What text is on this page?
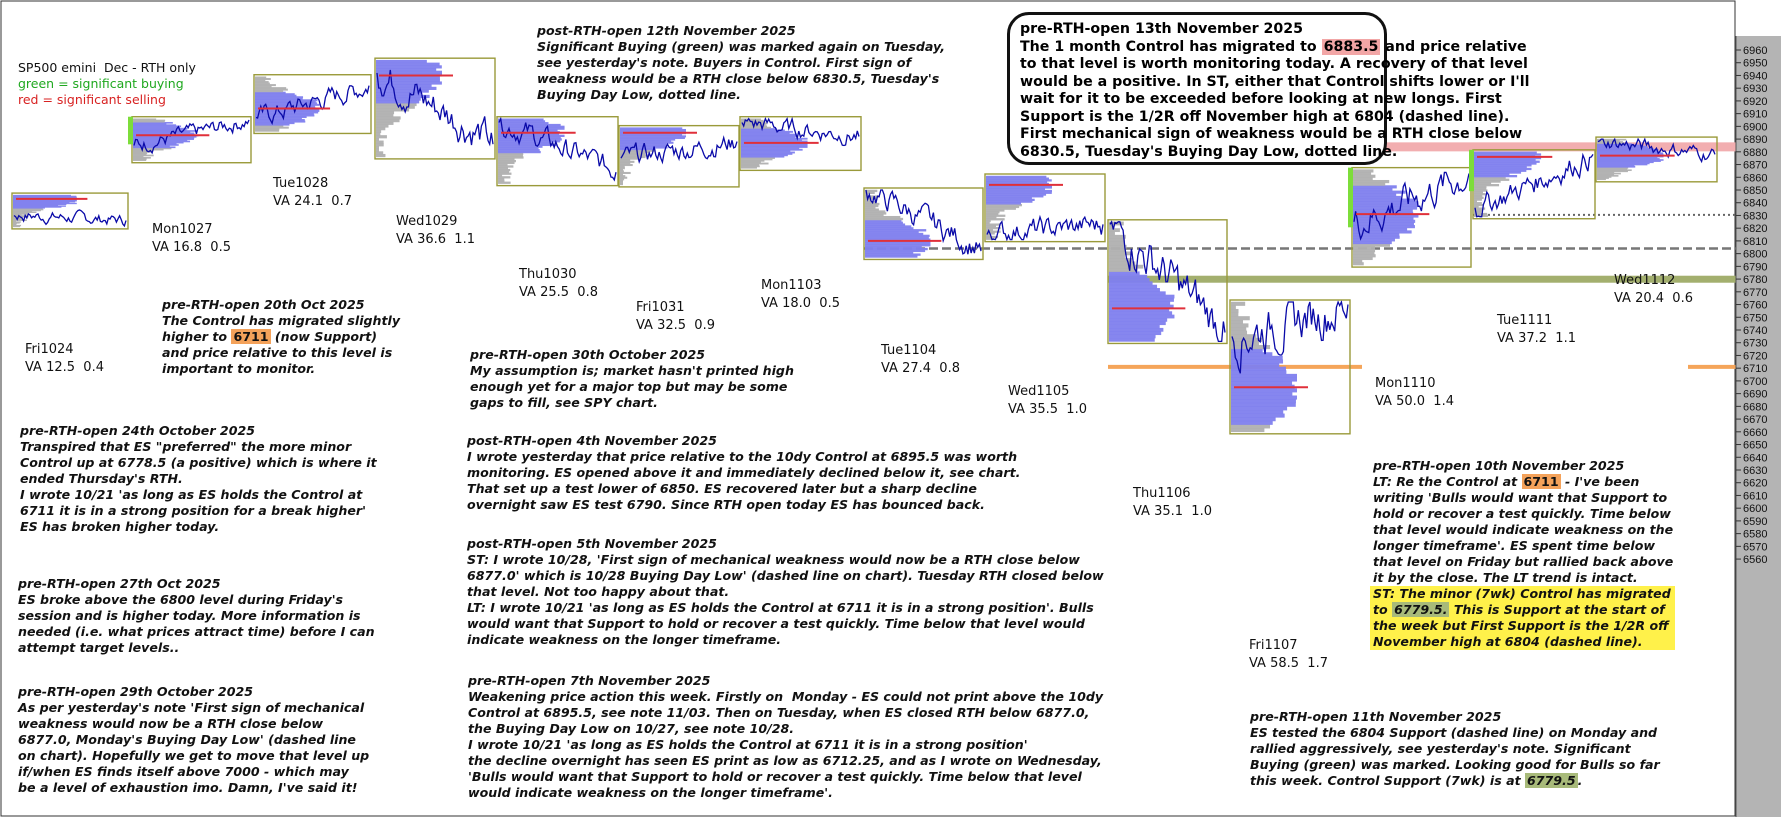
6960
6950
6940
6930
6920
6910
6900
6890
6880
6870
6860
6850
6840
6830
6820
6810
6800
6790
6780
6770
6760
6750
6740
6730
6720
6710
6700
6690
6680
6670
6660
6650
6640
6630
6620
6610
6600
6590
6580
6570
6560
SP500 emini  Dec - RTH only
green = significant buying
red = significant selling
Fri1024
VA 12.5  0.4
Mon1027
VA 16.8  0.5
Tue1028
VA 24.1  0.7
Wed1029
VA 36.6  1.1
Thu1030
VA 25.5  0.8
Fri1031
VA 32.5  0.9
Mon1103
VA 18.0  0.5
Tue1104
VA 27.4  0.8
Wed1105
VA 35.5  1.0
Thu1106
VA 35.1  1.0
Fri1107
VA 58.5  1.7
Mon1110
VA 50.0  1.4
Tue1111
VA 37.2  1.1
Wed1112
VA 20.4  0.6
pre-RTH-open 20th Oct 2025
The Control has migrated slightly
higher to 6711 (now Support)
and price relative to this level is
important to monitor.
pre-RTH-open 24th October 2025
Transpired that ES "preferred" the more minor
Control up at 6778.5 (a positive) which is where it
ended Thursday's RTH.
I wrote 10/21 'as long as ES holds the Control at
6711 it is in a strong position for a break higher'
ES has broken higher today.
pre-RTH-open 27th Oct 2025
ES broke above the 6800 level during Friday's
session and is higher today. More information is
needed (i.e. what prices attract time) before I can
attempt target levels..
pre-RTH-open 29th October 2025
As per yesterday's note 'First sign of mechanical
weakness would now be a RTH close below
6877.0, Monday's Buying Day Low' (dashed line
on chart). Hopefully we get to move that level up
if/when ES finds itself above 7000 - which may
be a level of exhaustion imo. Damn, I've said it!
post-RTH-open 12th November 2025
Significant Buying (green) was marked again on Tuesday,
see yesterday's note. Buyers in Control. First sign of
weakness would be a RTH close below 6830.5, Tuesday's
Buying Day Low, dotted line.
pre-RTH-open 30th October 2025
My assumption is; market hasn't printed high
enough yet for a major top but may be some
gaps to fill, see SPY chart.
post-RTH-open 4th November 2025
I wrote yesterday that price relative to the 10dy Control at 6895.5 was worth
monitoring. ES opened above it and immediately declined below it, see chart.
That set up a test lower of 6850. ES recovered later but a sharp decline
overnight saw ES test 6790. Since RTH open today ES has bounced back.
post-RTH-open 5th November 2025
ST: I wrote 10/28, 'First sign of mechanical weakness would now be a RTH close below
6877.0' which is 10/28 Buying Day Low' (dashed line on chart). Tuesday RTH closed below
that level. Not too happy about that.
LT: I wrote 10/21 'as long as ES holds the Control at 6711 it is in a strong position'. Bulls
would want that Support to hold or recover a test quickly. Time below that level would
indicate weakness on the longer timeframe.
pre-RTH-open 7th November 2025
Weakening price action this week. Firstly on  Monday - ES could not print above the 10dy
Control at 6895.5, see note 11/03. Then on Tuesday, when ES closed RTH below 6877.0,
the Buying Day Low on 10/27, see note 10/28.
I wrote 10/21 'as long as ES holds the Control at 6711 it is in a strong position'
the decline overnight has seen ES print as low as 6712.25, and as I wrote on Wednesday,
'Bulls would want that Support to hold or recover a test quickly. Time below that level
would indicate weakness on the longer timeframe'.
pre-RTH-open 13th November 2025
The 1 month Control has migrated to 6883.5 and price relative
to that level is worth monitoring today. A recovery of that level
would be a positive. In ST, either that Control shifts lower or I'll
wait for it to be exceeded before looking at new longs. First
Support is the 1/2R off November high at 6804 (dashed line).
First mechanical sign of weakness would be a RTH close below
6830.5, Tuesday's Buying Day Low, dotted line.
pre-RTH-open 10th November 2025
LT: Re the Control at 6711 - I've been
writing 'Bulls would want that Support to
hold or recover a test quickly. Time below
that level would indicate weakness on the
longer timeframe'. ES spent time below
that level on Friday but rallied back above
it by the close. The LT trend is intact.
ST: The minor (7wk) Control has migrated
to 6779.5. This is Support at the start of
the week but First Support is the 1/2R off
November high at 6804 (dashed line).
pre-RTH-open 11th November 2025
ES tested the 6804 Support (dashed line) on Monday and
rallied aggressively, see yesterday's note. Significant
Buying (green) was marked. Looking good for Bulls so far
this week. Control Support (7wk) is at 6779.5 .
